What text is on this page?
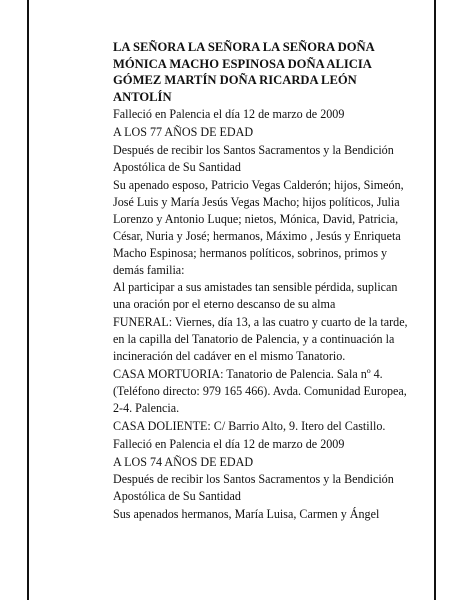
LA SEÑORA LA SEÑORA LA SEÑORA DOÑA MÓNICA MACHO ESPINOSA DOÑA ALICIA GÓMEZ MARTÍN DOÑA RICARDA LEÓN ANTOLÍN
Falleció en Palencia el día 12 de marzo de 2009
A LOS 77 AÑOS DE EDAD
Después de recibir los Santos Sacramentos y la Bendición Apostólica de Su Santidad
Su apenado esposo, Patricio Vegas Calderón; hijos, Simeón, José Luis y María Jesús Vegas Macho; hijos políticos, Julia Lorenzo y Antonio Luque; nietos, Mónica, David, Patricia, César, Nuria y José; hermanos, Máximo , Jesús y Enriqueta Macho Espinosa; hermanos políticos, sobrinos, primos y demás familia:
Al participar a sus amistades tan sensible pérdida, suplican una oración por el eterno descanso de su alma
FUNERAL: Viernes, día 13, a las cuatro y cuarto de la tarde, en la capilla del Tanatorio de Palencia, y a continuación la incineración del cadáver en el mismo Tanatorio.
CASA MORTUORIA: Tanatorio de Palencia. Sala nº 4. (Teléfono directo: 979 165 466). Avda. Comunidad Europea, 2-4. Palencia.
CASA DOLIENTE: C/ Barrio Alto, 9. Itero del Castillo.
Falleció en Palencia el día 12 de marzo de 2009
A LOS 74 AÑOS DE EDAD
Después de recibir los Santos Sacramentos y la Bendición Apostólica de Su Santidad
Sus apenados hermanos, María Luisa, Carmen y Ángel
